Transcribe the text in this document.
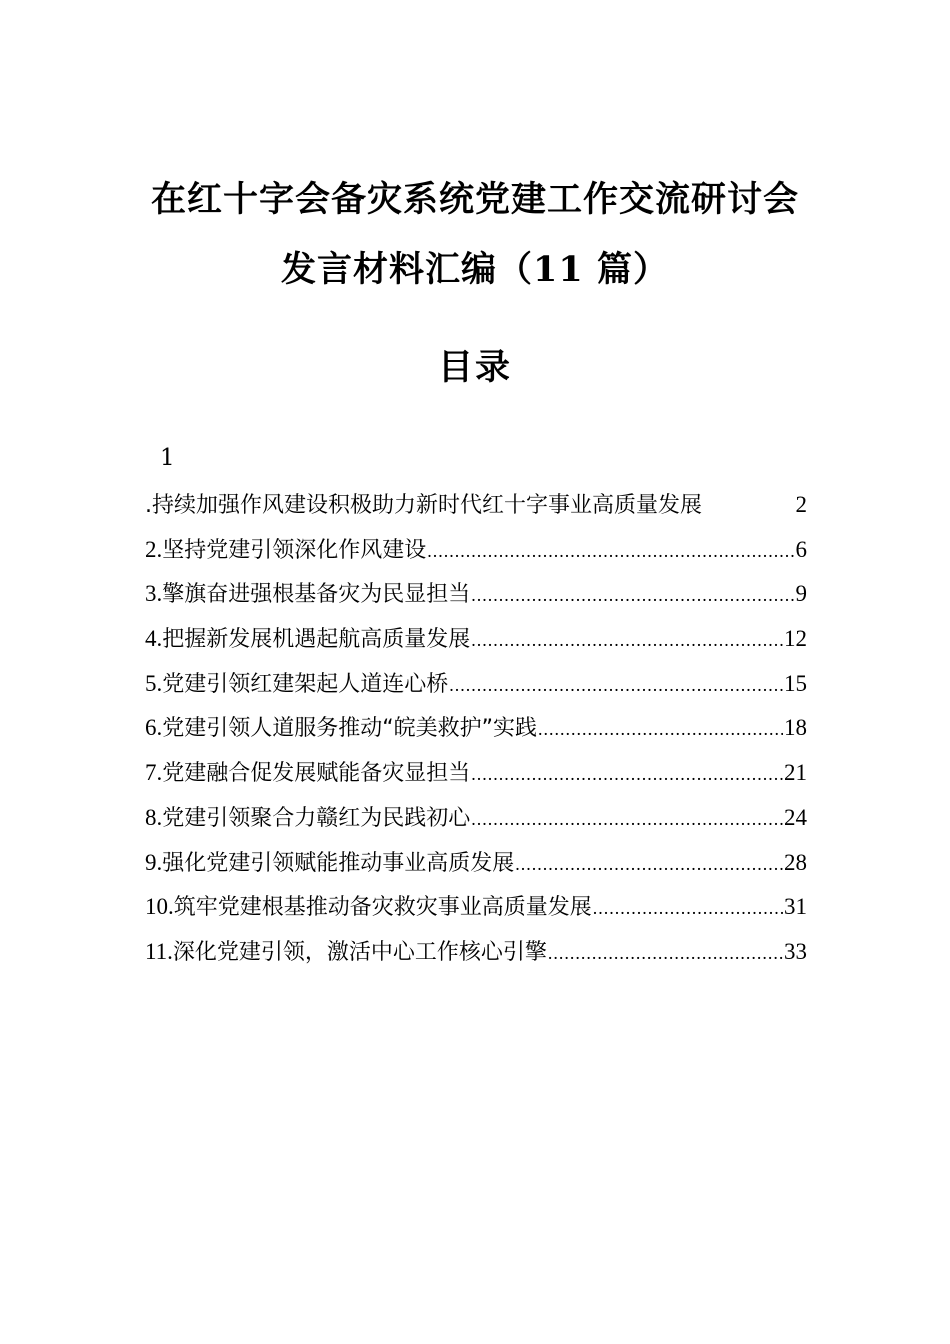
在红十字会备灾系统党建工作交流研讨会
发言材料汇编（11 篇）
目录
1
.持续加强作风建设积极助力新时代红十字事业高质量发展	2
2. 坚持党建引领深化作风建设 .....	6
3. 擎旗奋进强根基备灾为民显担当 .....	9
4. 把握新发展机遇起航高质量发展 .....	12
5. 党建引领红建架起人道连心桥 .....	15
6. 党建引领人道服务推动“皖美救护”实践 .....	18
7. 党建融合促发展赋能备灾显担当 .....	21
8. 党建引领聚合力赣红为民践初心 .....	24
9. 强化党建引领赋能推动事业高质发展 .....	28
10. 筑牢党建根基推动备灾救灾事业高质量发展 .....	31
11. 深化党建引领，激活中心工作核心引擎 .....	33
